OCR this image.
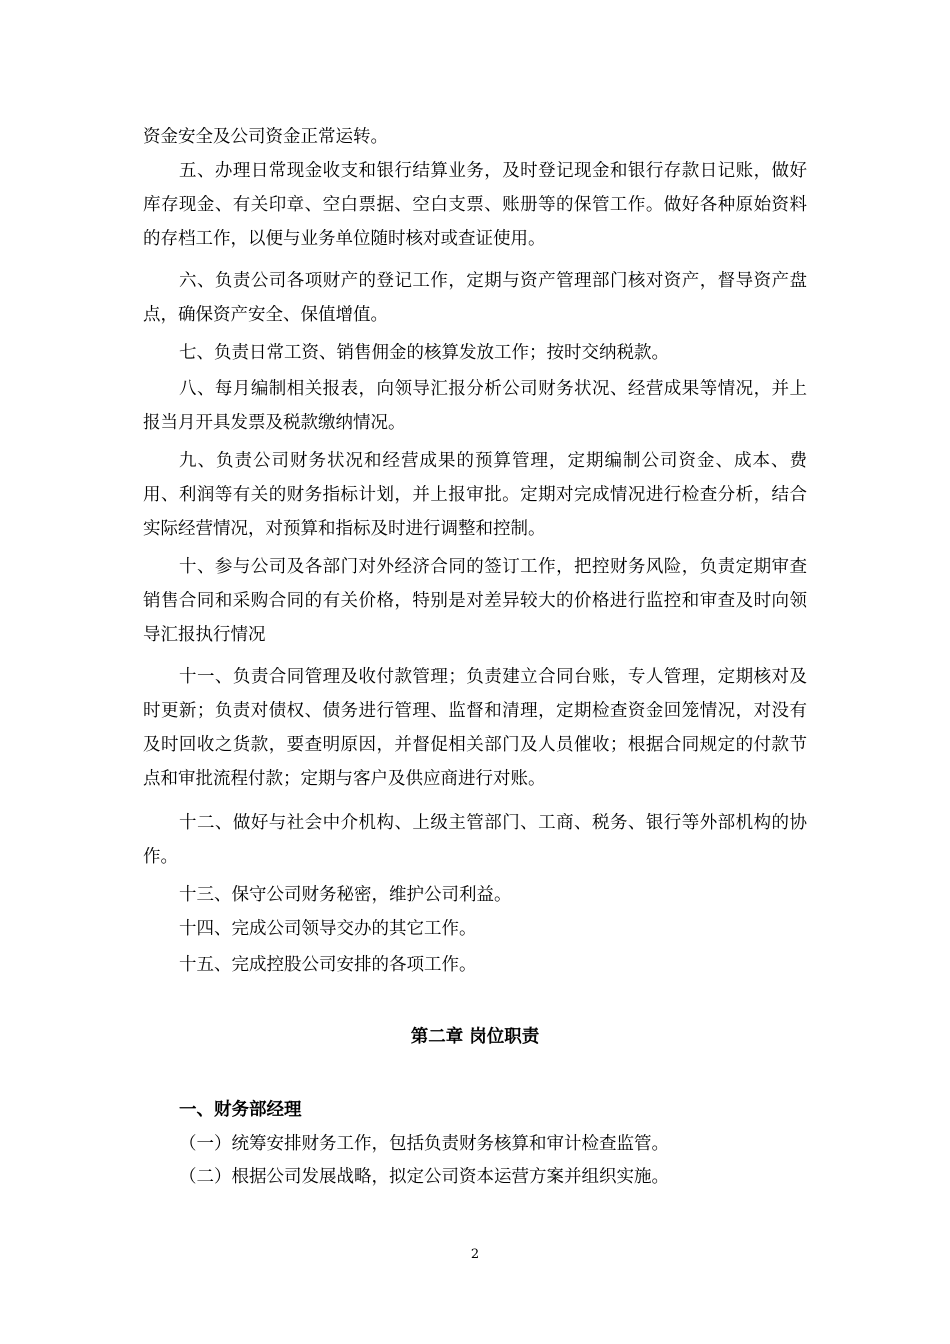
资金安全及公司资金正常运转。

五、办理日常现金收支和银行结算业务，及时登记现金和银行存款日记账，做好库存现金、有关印章、空白票据、空白支票、账册等的保管工作。做好各种原始资料的存档工作，以便与业务单位随时核对或查证使用。

六、负责公司各项财产的登记工作，定期与资产管理部门核对资产，督导资产盘点，确保资产安全、保值增值。

七、负责日常工资、销售佣金的核算发放工作；按时交纳税款。

八、每月编制相关报表，向领导汇报分析公司财务状况、经营成果等情况，并上报当月开具发票及税款缴纳情况。

九、负责公司财务状况和经营成果的预算管理，定期编制公司资金、成本、费用、利润等有关的财务指标计划，并上报审批。定期对完成情况进行检查分析，结合实际经营情况，对预算和指标及时进行调整和控制。

十、参与公司及各部门对外经济合同的签订工作，把控财务风险，负责定期审查销售合同和采购合同的有关价格，特别是对差异较大的价格进行监控和审查及时向领导汇报执行情况

十一、负责合同管理及收付款管理；负责建立合同台账，专人管理，定期核对及时更新；负责对债权、债务进行管理、监督和清理，定期检查资金回笼情况，对没有及时回收之货款，要查明原因，并督促相关部门及人员催收；根据合同规定的付款节点和审批流程付款；定期与客户及供应商进行对账。

十二、做好与社会中介机构、上级主管部门、工商、税务、银行等外部机构的协作。

十三、保守公司财务秘密，维护公司利益。

十四、完成公司领导交办的其它工作。

十五、完成控股公司安排的各项工作。

第二章 岗位职责
一、财务部经理
（一）统筹安排财务工作，包括负责财务核算和审计检查监管。
（二）根据公司发展战略，拟定公司资本运营方案并组织实施。
2
